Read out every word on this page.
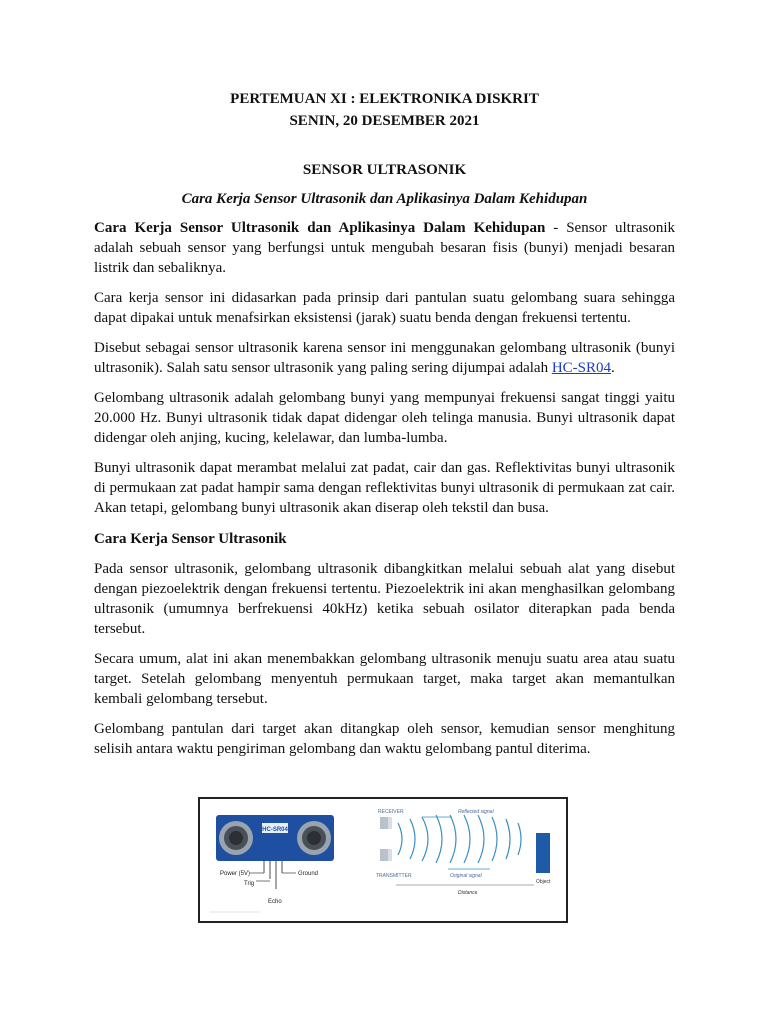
PERTEMUAN XI : ELEKTRONIKA DISKRIT

SENIN, 20 DESEMBER 2021

SENSOR ULTRASONIK

Cara Kerja Sensor Ultrasonik dan Aplikasinya Dalam Kehidupan

Cara Kerja Sensor Ultrasonik dan Aplikasinya Dalam Kehidupan - Sensor ultrasonik adalah sebuah sensor yang berfungsi untuk mengubah besaran fisis (bunyi) menjadi besaran listrik dan sebaliknya.

Cara kerja sensor ini didasarkan pada prinsip dari pantulan suatu gelombang suara sehingga dapat dipakai untuk menafsirkan eksistensi (jarak) suatu benda dengan frekuensi tertentu.

Disebut sebagai sensor ultrasonik karena sensor ini menggunakan gelombang ultrasonik (bunyi ultrasonik). Salah satu sensor ultrasonik yang paling sering dijumpai adalah HC-SR04.

Gelombang ultrasonik adalah gelombang bunyi yang mempunyai frekuensi sangat tinggi yaitu 20.000 Hz. Bunyi ultrasonik tidak dapat didengar oleh telinga manusia. Bunyi ultrasonik dapat didengar oleh anjing, kucing, kelelawar, dan lumba-lumba.

Bunyi ultrasonik dapat merambat melalui zat padat, cair dan gas. Reflektivitas bunyi ultrasonik di permukaan zat padat hampir sama dengan reflektivitas bunyi ultrasonik di permukaan zat cair. Akan tetapi, gelombang bunyi ultrasonik akan diserap oleh tekstil dan busa.

Cara Kerja Sensor Ultrasonik

Pada sensor ultrasonik, gelombang ultrasonik dibangkitkan melalui sebuah alat yang disebut dengan piezoelektrik dengan frekuensi tertentu. Piezoelektrik ini akan menghasilkan gelombang ultrasonik (umumnya berfrekuensi 40kHz) ketika sebuah osilator diterapkan pada benda tersebut.

Secara umum, alat ini akan menembakkan gelombang ultrasonik menuju suatu area atau suatu target. Setelah gelombang menyentuh permukaan target, maka target akan memantulkan kembali gelombang tersebut.

Gelombang pantulan dari target akan ditangkap oleh sensor, kemudian sensor menghitung selisih antara waktu pengiriman gelombang dan waktu gelombang pantul diterima.

HC-SR04
Power (5V)	Ground
Trig
Echo
RECEIVER
TRANSMITTER
Reflected signal
Original signal
Distance
Object
